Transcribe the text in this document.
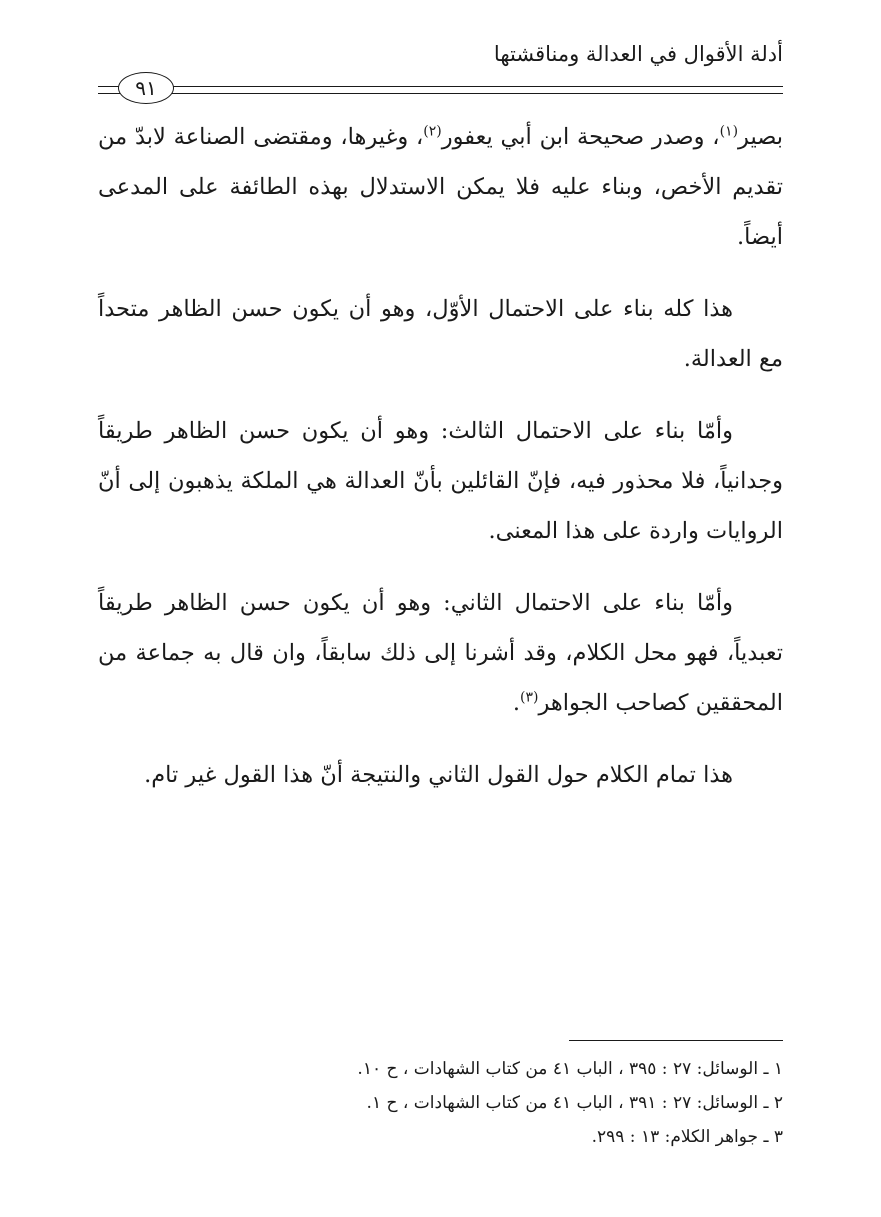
أدلة الأقوال في العدالة ومناقشتها
٩١

بصير$^{(١)}$، وصدر صحيحة ابن أبي يعفور$^{(٢)}$، وغيرها، ومقتضى الصناعة لابدّ من تقديم الأخص، وبناء عليه فلا يمكن الاستدلال بهذه الطائفة على المدعى أيضاً.

هذا كله بناء على الاحتمال الأوّل، وهو أن يكون حسن الظاهر متحداً مع العدالة.

وأمّا بناء على الاحتمال الثالث: وهو أن يكون حسن الظاهر طريقاً وجدانياً، فلا محذور فيه، فإنّ القائلين بأنّ العدالة هي الملكة يذهبون إلى أنّ الروايات واردة على هذا المعنى.

وأمّا بناء على الاحتمال الثاني: وهو أن يكون حسن الظاهر طريقاً تعبدياً، فهو محل الكلام، وقد أشرنا إلى ذلك سابقاً، وان قال به جماعة من المحققين كصاحب الجواهر$^{(٣)}$.

هذا تمام الكلام حول القول الثاني والنتيجة أنّ هذا القول غير تام.

١ ـ الوسائل: ٢٧ : ٣٩٥ ، الباب ٤١ من كتاب الشهادات ، ح ١٠.

٢ ـ الوسائل: ٢٧ : ٣٩١ ، الباب ٤١ من كتاب الشهادات ، ح ١.

٣ ـ جواهر الكلام: ١٣ : ٢٩٩.
